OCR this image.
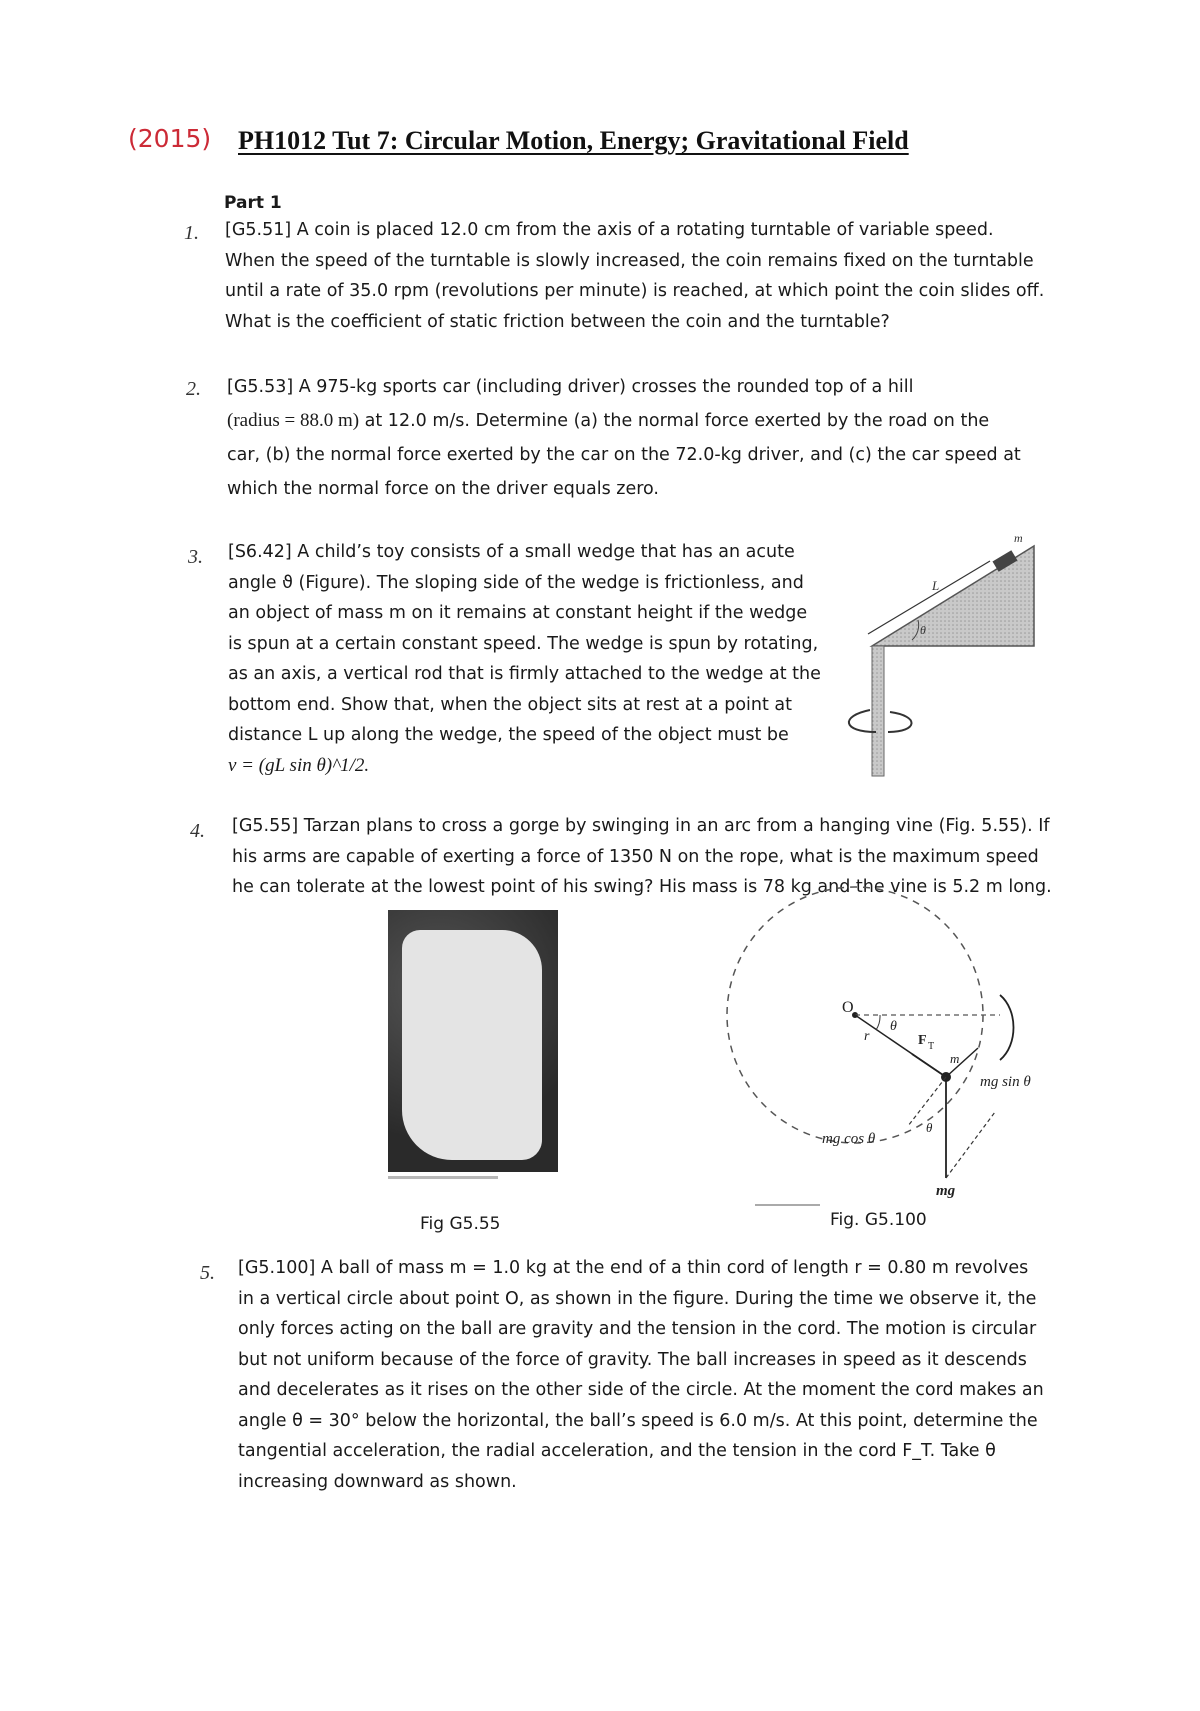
(2015) PH1012 Tut 7: Circular Motion, Energy; Gravitational Field
Part 1
1. [G5.51] A coin is placed 12.0 cm from the axis of a rotating turntable of variable speed.
When the speed of the turntable is slowly increased, the coin remains fixed on the turntable
until a rate of 35.0 rpm (revolutions per minute) is reached, at which point the coin slides off.
What is the coefficient of static friction between the coin and the turntable?
2. [G5.53] A 975-kg sports car (including driver) crosses the rounded top of a hill
(radius = 88.0 m) at 12.0 m/s. Determine (a) the normal force exerted by the road on the
car, (b) the normal force exerted by the car on the 72.0-kg driver, and (c) the car speed at
which the normal force on the driver equals zero.
3. [S6.42] A child’s toy consists of a small wedge that has an acute
angle ϑ (Figure). The sloping side of the wedge is frictionless, and
an object of mass m on it remains at constant height if the wedge
is spun at a certain constant speed. The wedge is spun by rotating,
as an axis, a vertical rod that is firmly attached to the wedge at the
bottom end. Show that, when the object sits at rest at a point at
distance L up along the wedge, the speed of the object must be
v = (gL sin θ)^1/2.
m
L
θ
4. [G5.55] Tarzan plans to cross a gorge by swinging in an arc from a hanging vine (Fig. 5.55). If
his arms are capable of exerting a force of 1350 N on the rope, what is the maximum speed
he can tolerate at the lowest point of his swing? His mass is 78 kg and the vine is 5.2 m long.
Fig G5.55
O
r
θ
F T
m
mg sin θ
mg cos θ
θ
mg
Fig. G5.100
5. [G5.100] A ball of mass m = 1.0 kg at the end of a thin cord of length r = 0.80 m revolves
in a vertical circle about point O, as shown in the figure. During the time we observe it, the
only forces acting on the ball are gravity and the tension in the cord. The motion is circular
but not uniform because of the force of gravity. The ball increases in speed as it descends
and decelerates as it rises on the other side of the circle. At the moment the cord makes an
angle θ = 30° below the horizontal, the ball’s speed is 6.0 m/s. At this point, determine the
tangential acceleration, the radial acceleration, and the tension in the cord F_T. Take θ
increasing downward as shown.
